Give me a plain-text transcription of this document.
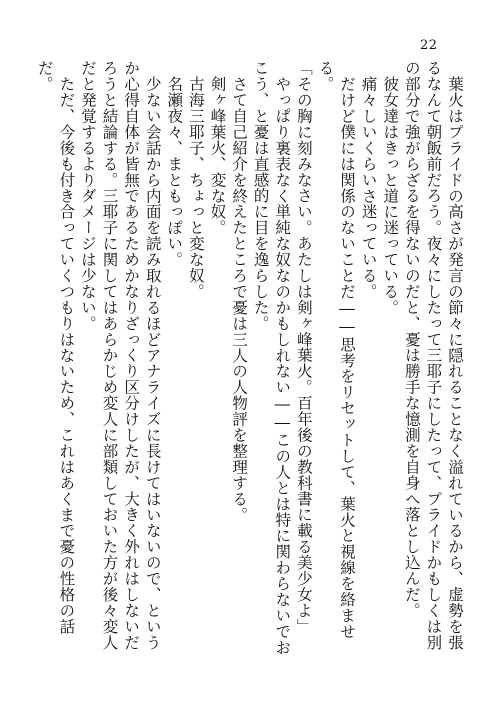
22

葉火はプライドの高さが発言の節々に隠れることなく溢れているから、虚勢を張るなんて朝飯前だろう。夜々にしたって三耶子にしたって、プライドかもしくは別の部分で強がらざるを得ないのだと、憂は勝手な憶測を自身へ落とし込んだ。

彼女達はきっと道に迷っている。

痛々しいくらいさ迷っている。

だけど僕には関係のないことだ――思考をリセットして、葉火と視線を絡ませる。

「その胸に刻みなさい。あたしは剣ヶ峰葉火。百年後の教科書に載る美少女よ」

やっぱり裏表なく単純な奴なのかもしれない――この人とは特に関わらないでおこう、と憂は直感的に目を逸らした。

さて自己紹介を終えたところで憂は三人の人物評を整理する。

剣ヶ峰葉火、変な奴。

古海三耶子、ちょっと変な奴。

名瀬夜々、まともっぽい。

少ない会話から内面を読み取れるほどアナライズに長けてはいないので、というか心得自体が皆無であるためかなりざっくり区分けしたが、大きく外れはしないだろうと結論する。三耶子に関してはあらかじめ変人に部類しておいた方が後々変人だと発覚するよりダメージは少ない。

ただ、今後も付き合っていくつもりはないため、これはあくまで憂の性格の話だ。
